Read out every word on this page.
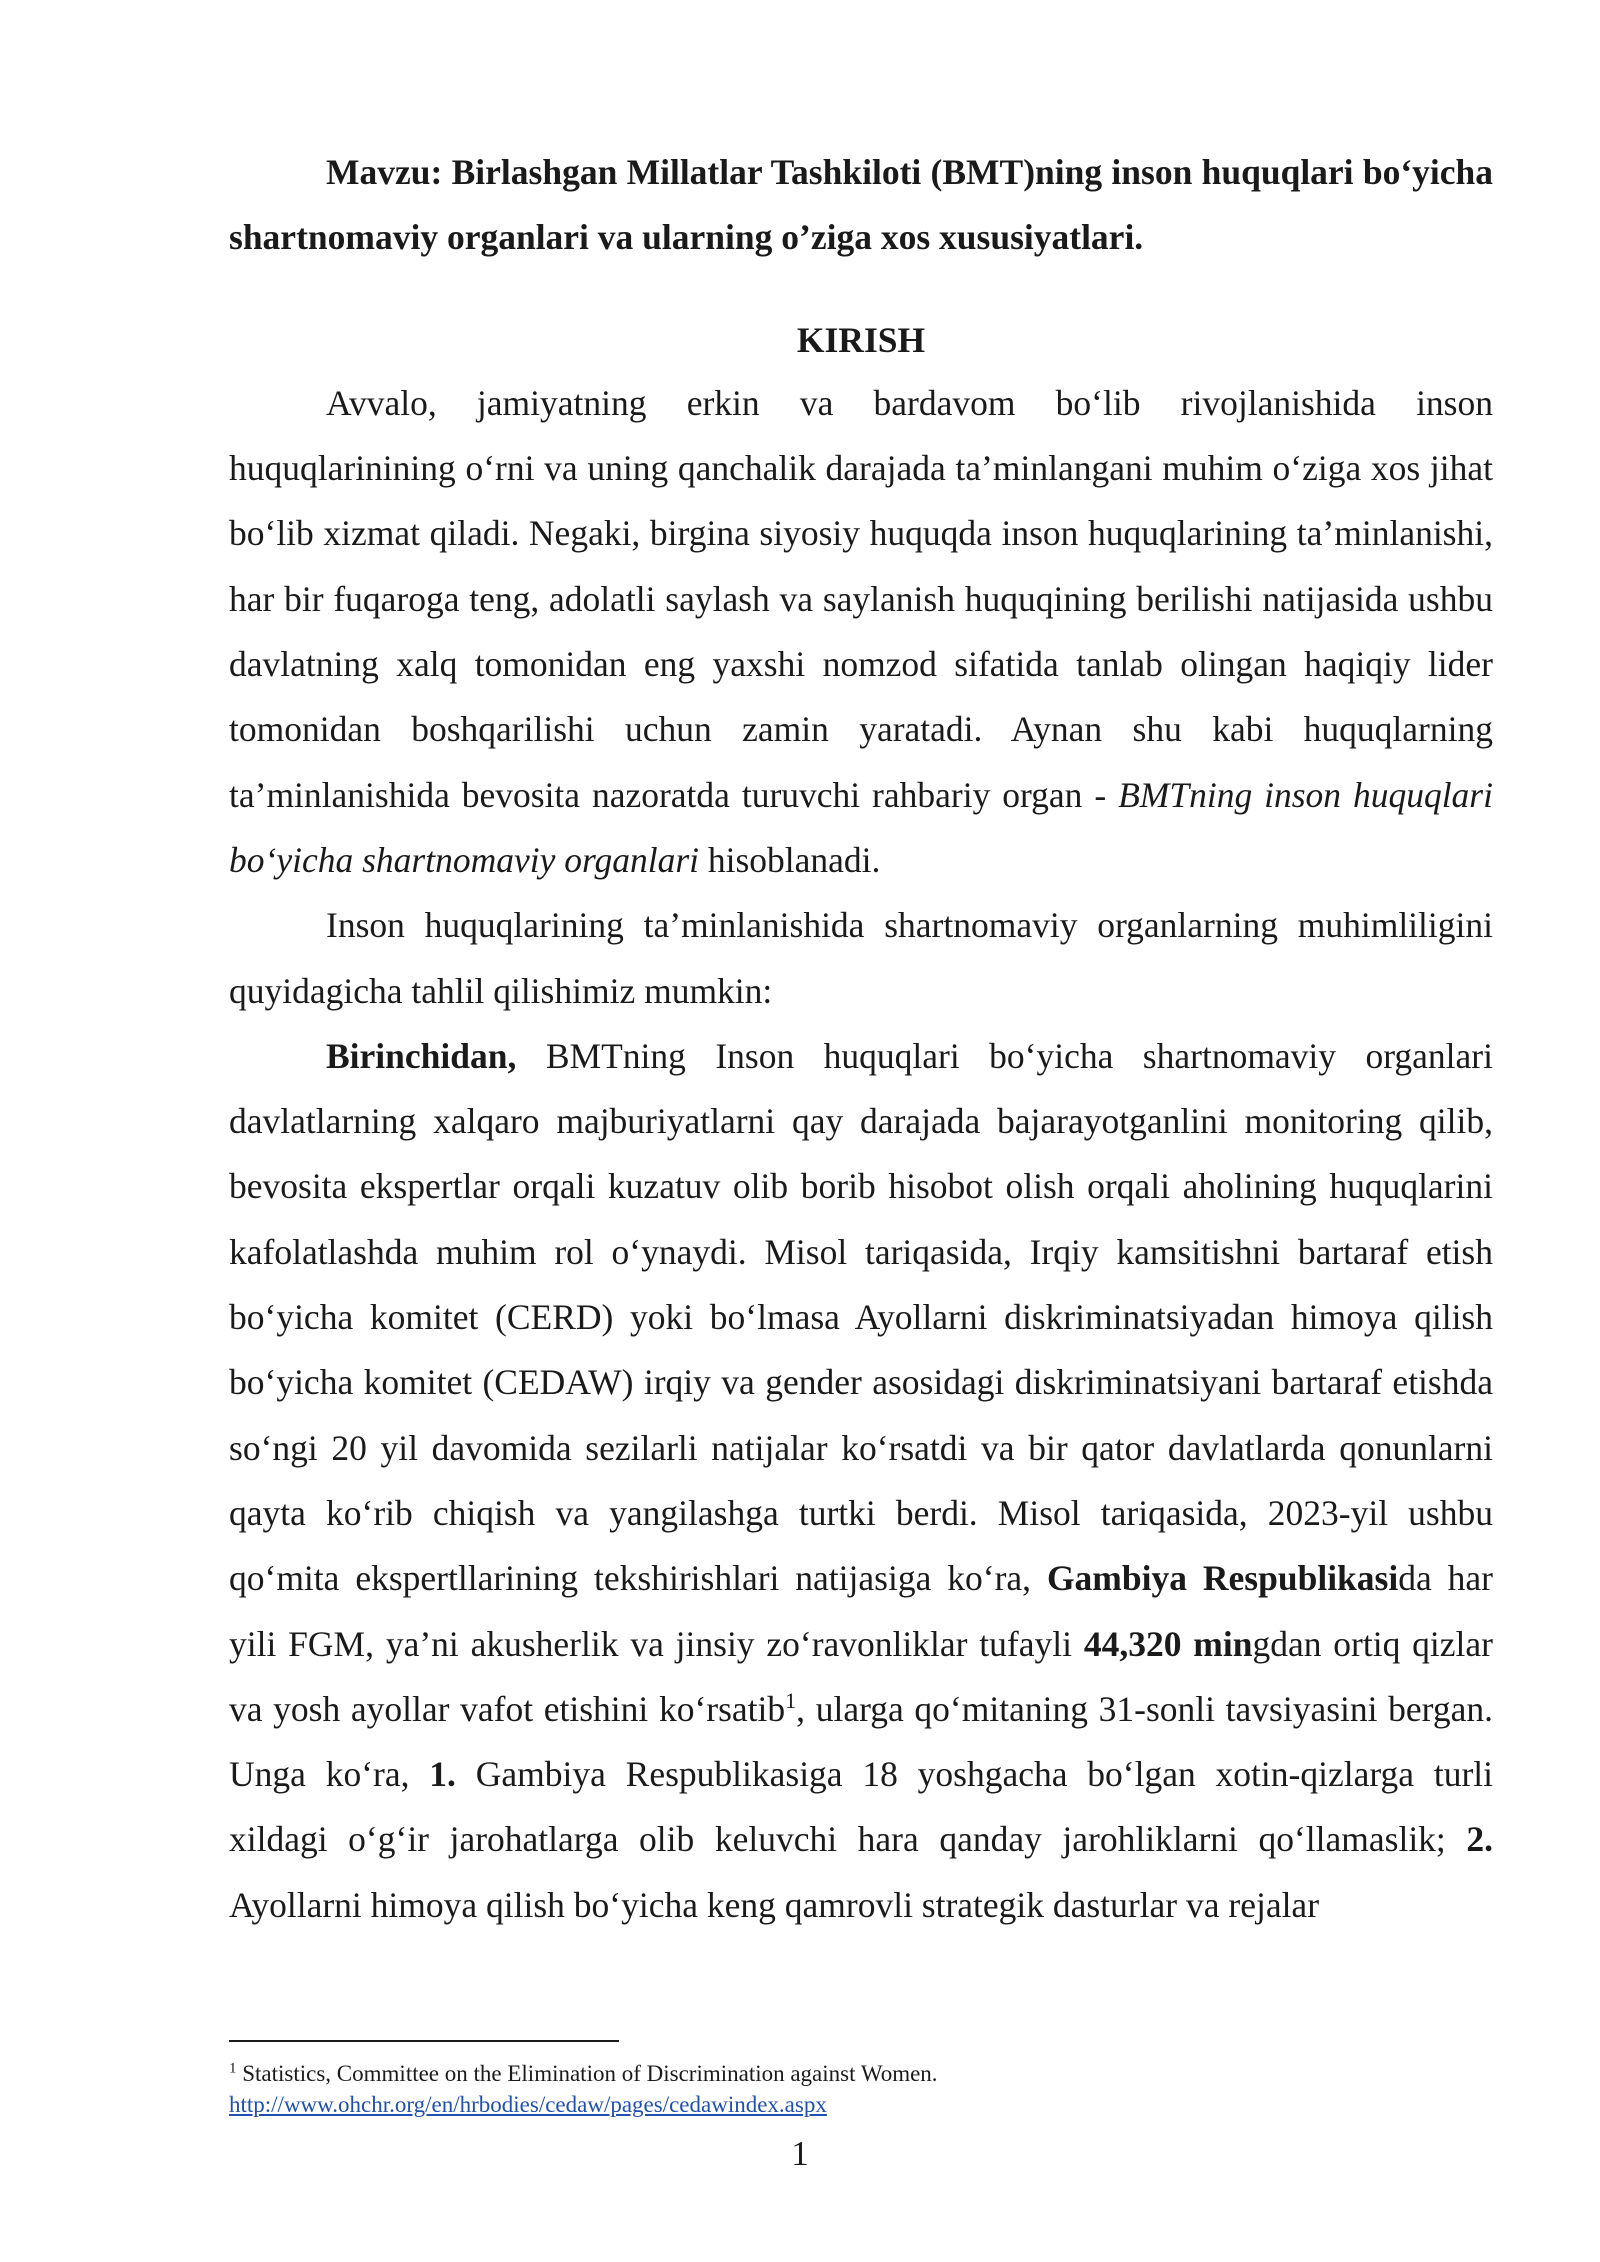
Mavzu: Birlashgan Millatlar Tashkiloti (BMT)ning inson huquqlari bo‘yicha shartnomaviy organlari va ularning o’ziga xos xususiyatlari.

KIRISH

Avvalo, jamiyatning erkin va bardavom bo‘lib rivojlanishida inson huquqlarinining o‘rni va uning qanchalik darajada ta’minlangani muhim o‘ziga xos jihat bo‘lib xizmat qiladi. Negaki, birgina siyosiy huquqda inson huquqlarining ta’minlanishi, har bir fuqaroga teng, adolatli saylash va saylanish huquqining berilishi natijasida ushbu davlatning xalq tomonidan eng yaxshi nomzod sifatida tanlab olingan haqiqiy lider tomonidan boshqarilishi uchun zamin yaratadi. Aynan shu kabi huquqlarning ta’minlanishida bevosita nazoratda turuvchi rahbariy organ - BMTning inson huquqlari bo‘yicha shartnomaviy organlari hisoblanadi.

Inson huquqlarining ta’minlanishida shartnomaviy organlarning muhimliligini quyidagicha tahlil qilishimiz mumkin:

Birinchidan, BMTning Inson huquqlari bo‘yicha shartnomaviy organlari davlatlarning xalqaro majburiyatlarni qay darajada bajarayotganlini monitoring qilib, bevosita ekspertlar orqali kuzatuv olib borib hisobot olish orqali aholining huquqlarini kafolatlashda muhim rol o‘ynaydi. Misol tariqasida, Irqiy kamsitishni bartaraf etish bo‘yicha komitet (CERD) yoki bo‘lmasa Ayollarni diskriminatsiyadan himoya qilish bo‘yicha komitet (CEDAW) irqiy va gender asosidagi diskriminatsiyani bartaraf etishda so‘ngi 20 yil davomida sezilarli natijalar ko‘rsatdi va bir qator davlatlarda qonunlarni qayta ko‘rib chiqish va yangilashga turtki berdi. Misol tariqasida, 2023-yil ushbu qo‘mita ekspertllarining tekshirishlari natijasiga ko‘ra, Gambiya Respublikasida har yili FGM, ya’ni akusherlik va jinsiy zo‘ravonliklar tufayli 44,320 mingdan ortiq qizlar va yosh ayollar vafot etishini ko‘rsatib$^1$, ularga qo‘mitaning 31-sonli tavsiyasini bergan. Unga ko‘ra, 1. Gambiya Respublikasiga 18 yoshgacha bo‘lgan xotin-qizlarga turli xildagi o‘g‘ir jarohatlarga olib keluvchi hara qanday jarohliklarni qo‘llamaslik; 2. Ayollarni himoya qilish bo‘yicha keng qamrovli strategik dasturlar va rejalar

$^1$ Statistics, Committee on the Elimination of Discrimination against Women.
http://www.ohchr.org/en/hrbodies/cedaw/pages/cedawindex.aspx
1
